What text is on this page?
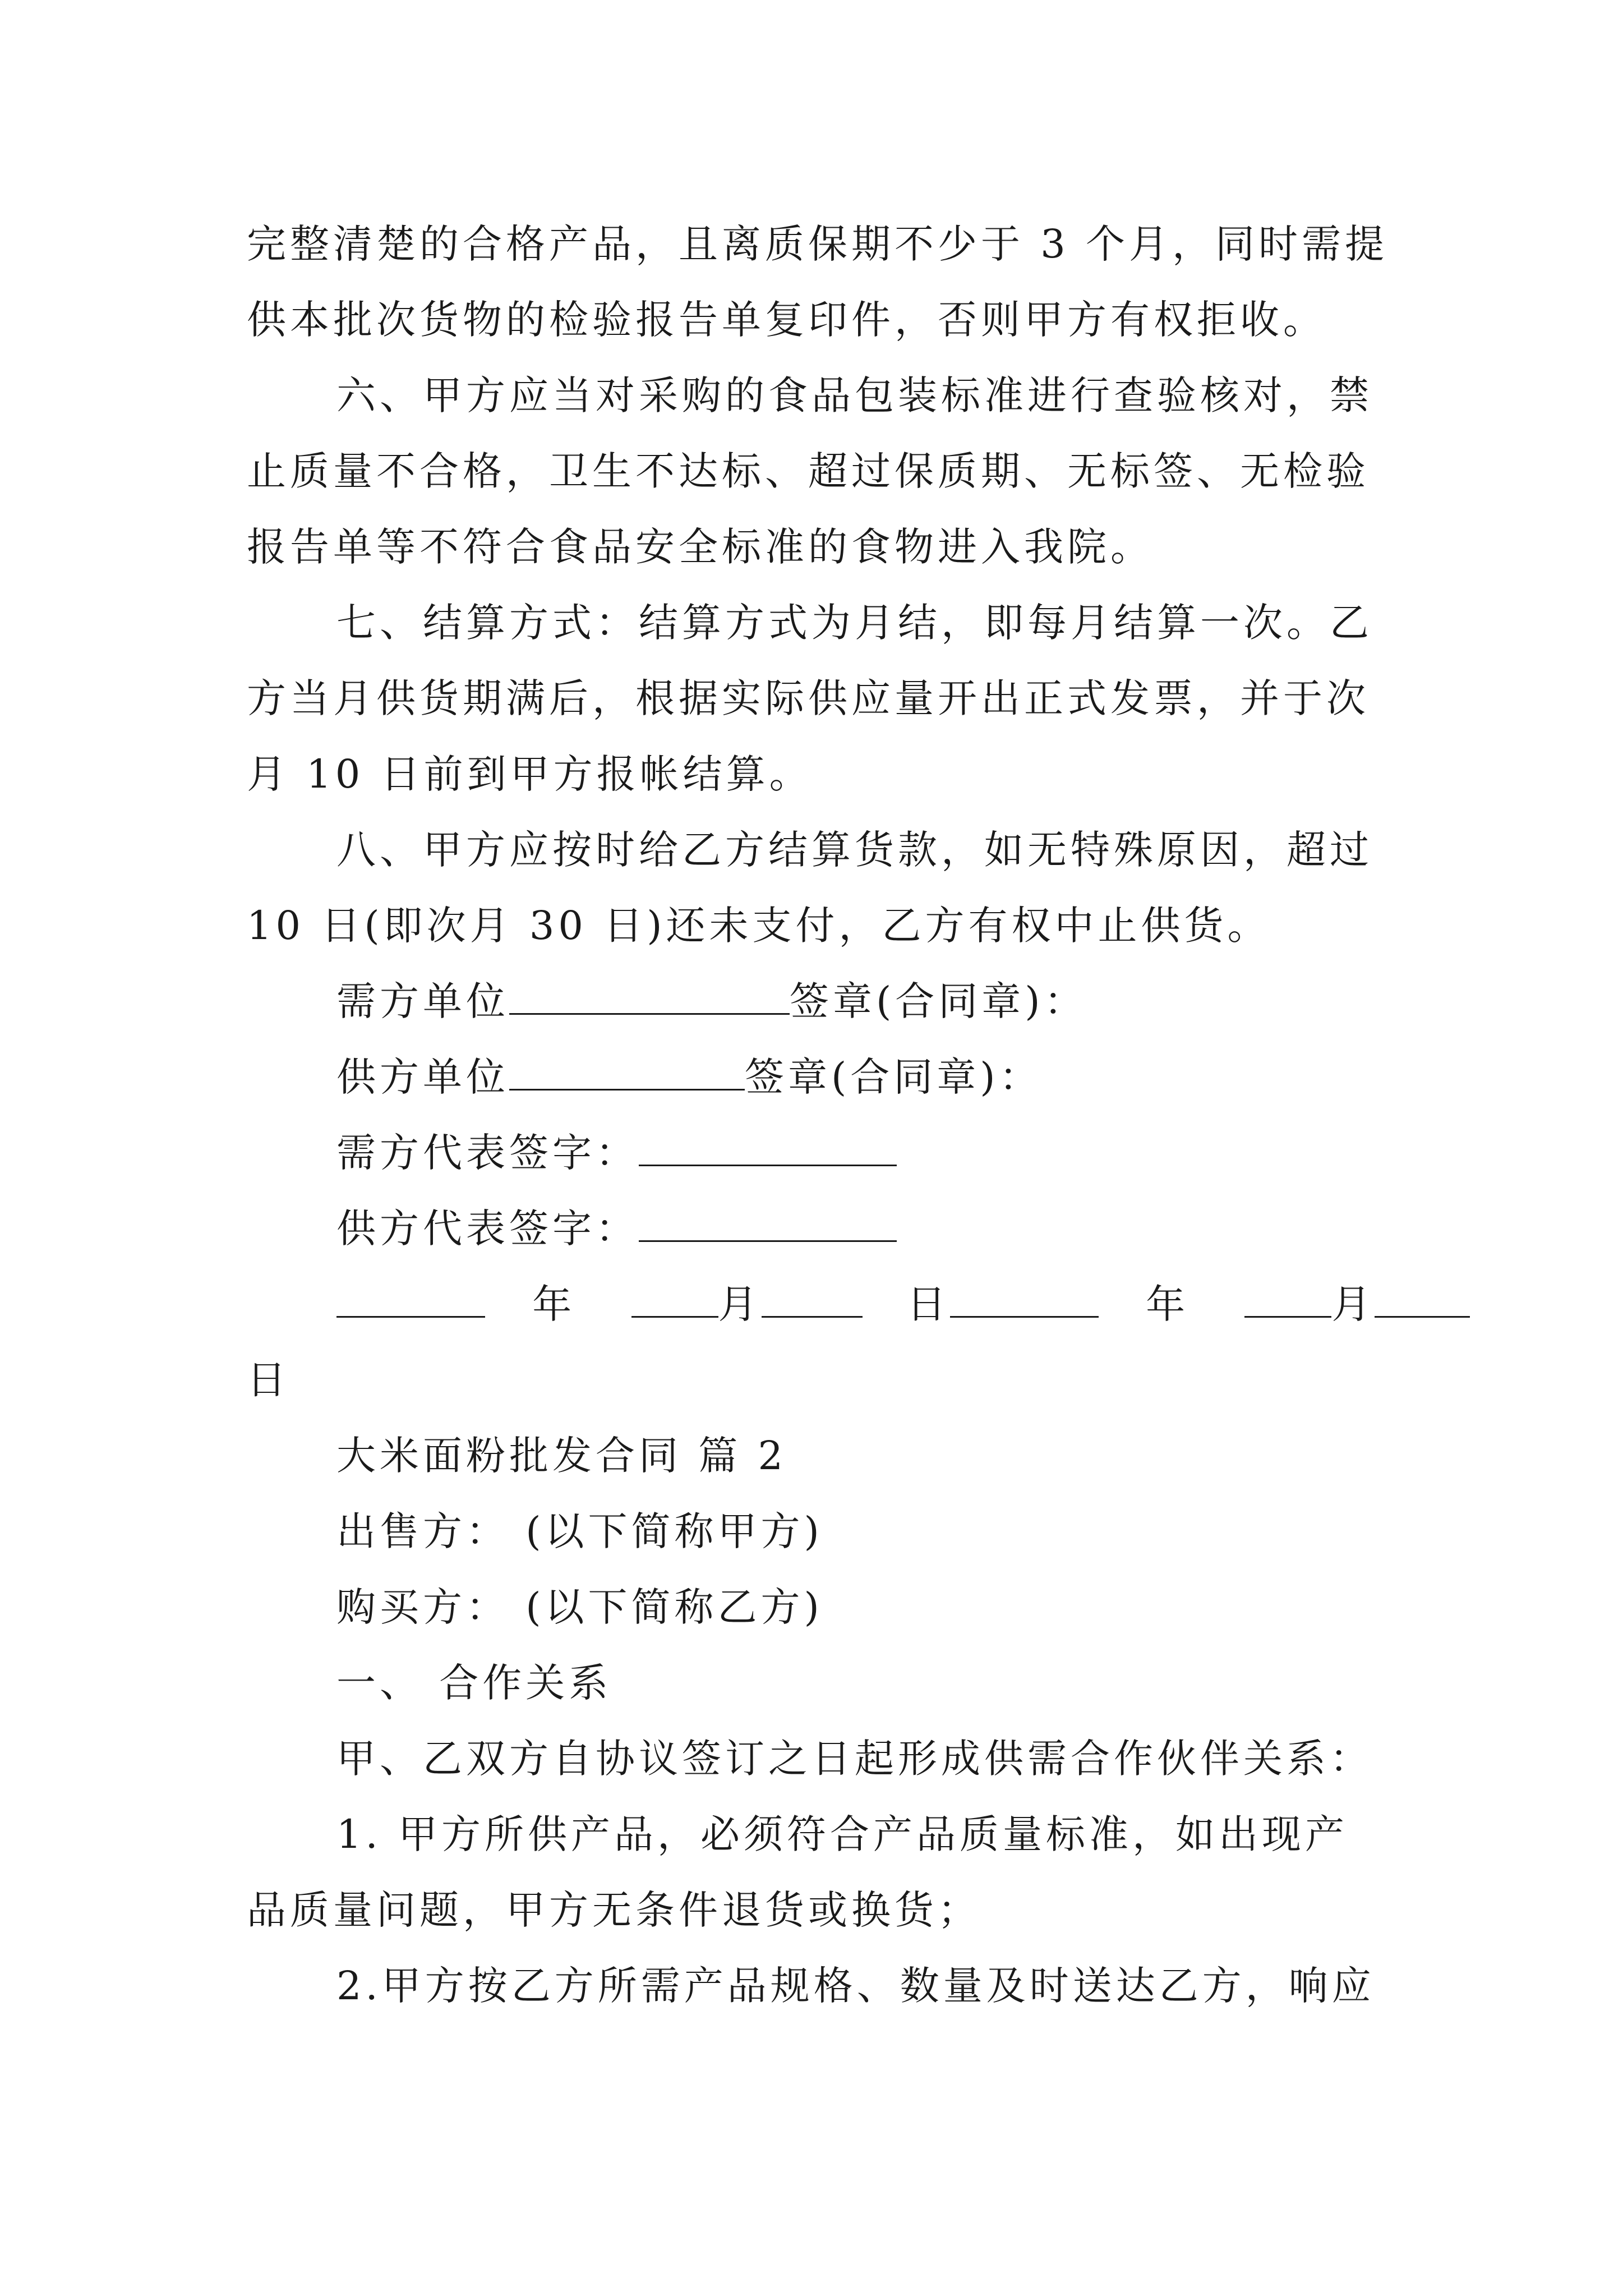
完整清楚的合格产品，且离质保期不少于 3 个月，同时需提
供本批次货物的检验报告单复印件，否则甲方有权拒收。
六、甲方应当对采购的食品包装标准进行查验核对，禁
止质量不合格，卫生不达标、超过保质期、无标签、无检验
报告单等不符合食品安全标准的食物进入我院。
七、结算方式：结算方式为月结，即每月结算一次。乙
方当月供货期满后，根据实际供应量开出正式发票，并于次
月 10 日前到甲方报帐结算。
八、甲方应按时给乙方结算货款，如无特殊原因，超过
10 日(即次月 30 日)还未支付，乙方有权中止供货。
需方单位	签章(合同章)：
供方单位	签章(合同章)：
需方代表签字：
供方代表签字：
年	月	日	年	月
日
大米面粉批发合同 篇 2
出售方： (以下简称甲方)
购买方： (以下简称乙方)
一、 合作关系
甲、乙双方自协议签订之日起形成供需合作伙伴关系：
1. 甲方所供产品，必须符合产品质量标准，如出现产
品质量问题，甲方无条件退货或换货；
2.甲方按乙方所需产品规格、数量及时送达乙方，响应
